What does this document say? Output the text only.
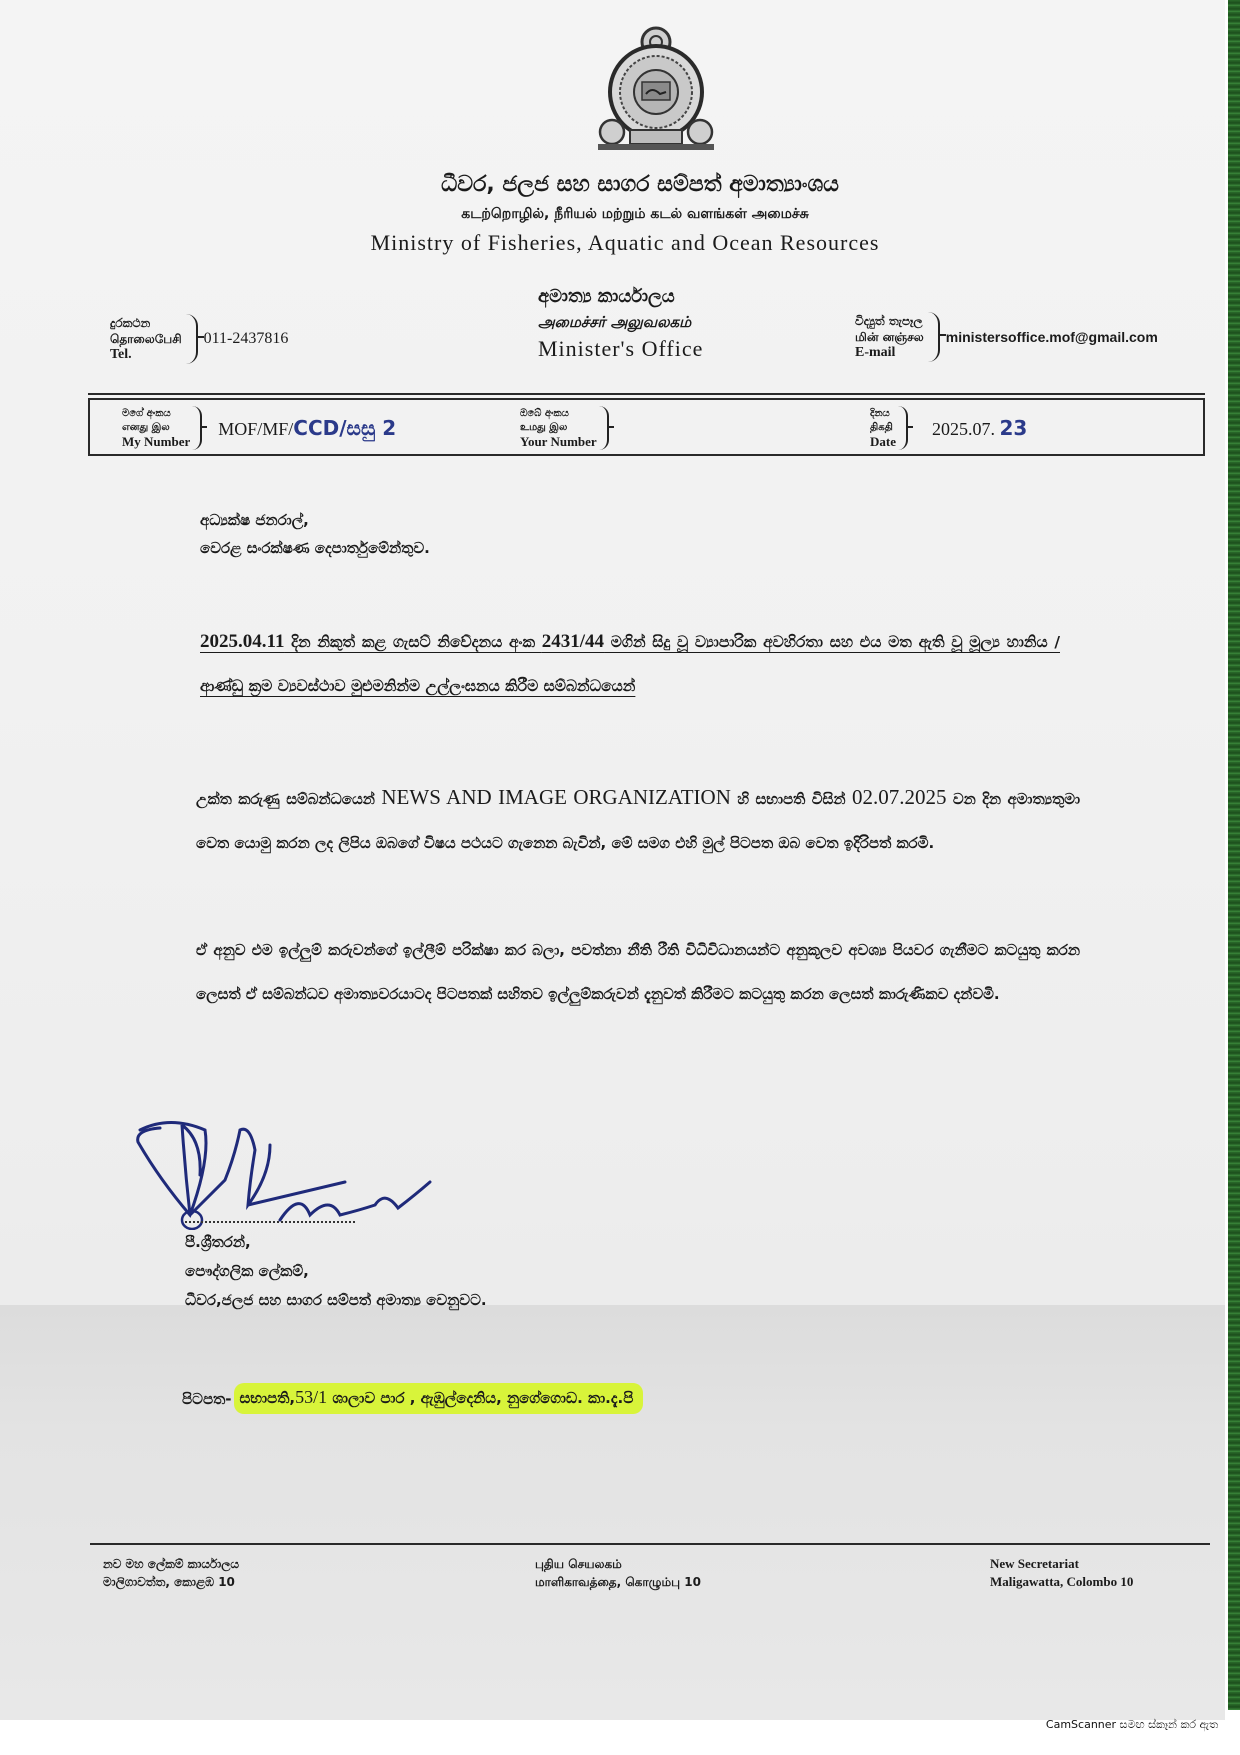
ධීවර, ජලජ සහ සාගර සම්පත් අමාත්‍යාංශය
கடற்றொழில், நீரியல் மற்றும் கடல் வளங்கள் அமைச்சு
Ministry of Fisheries, Aquatic and Ocean Resources
අමාත්‍ය කාර්යාලය
அமைச்சர் அலுவலகம்
Minister's Office
දුරකථන
தொலைபேசி
Tel.
011-2437816
විද්‍යුත් තැපෑල
மின் னஞ்சல
E-mail
ministersoffice.mof@gmail.com
මගේ අංකය
எனது இல
My Number
MOF/MF/CCD/සසු 2
ඔබේ අංකය
உமது இல
Your Number
දිනය
திகதி
Date
2025.07. 23
අධ්‍යක්ෂ ජනරාල්,
වෙරළ සංරක්ෂණ දෙපාර්තුමේන්තුව.
2025.04.11 දින නිකුත් කළ ගැසට් නිවේදනය අංක 2431/44 මගින් සිදු වූ ව්‍යාපාරික අවහිරතා සහ එය මත ඇති වූ මූල්‍ය හානිය / ආණ්ඩු ක්‍රම ව්‍යවස්ථාව මුළුමනින්ම උල්ලංඝනය කිරීම සම්බන්ධයෙන්
උක්ත කරුණු සම්බන්ධයෙන් NEWS AND IMAGE ORGANIZATION හි සභාපති විසින් 02.07.2025 වන දින අමාත්‍යතුමා වෙත යොමු කරන ලද ලිපිය ඔබගේ විෂය පථයට ගැනෙන බැවින්, මේ සමග එහි මුල් පිටපත ඔබ වෙත ඉදිරිපත් කරමි.
ඒ අනුව එම ඉල්ලුම් කරුවන්ගේ ඉල්ලීම් පරික්ෂා කර බලා, පවත්නා නීති රීති විධිවිධානයන්ට අනුකූලව අවශ්‍ය පියවර ගැනීමට කටයුතු කරන ලෙසත් ඒ සම්බන්ධව අමාත්‍යවරයාටද පිටපතක් සහිතව ඉල්ලුම්කරුවන් දැනුවත් කිරීමට කටයුතු කරන ලෙසත් කාරුණිකව දන්වමි.
පී.ශ්‍රීතරන්,
පෞද්ගලික ලේකම්,
ධීවර,ජලජ සහ සාගර සම්පත් අමාත්‍ය වෙනුවට.
පිටපත- සභාපති,53/1 ශාලාව පාර , ඇඹුල්දෙනිය, නුගේගොඩ. කා.දැ.පි
නව මහ ලේකම් කාර්යාලය
මාලිගාවත්ත, කොළඹ 10
புதிய செயலகம்
மாளிகாவத்தை, கொழும்பு 10
New Secretariat
Maligawatta, Colombo 10
CamScanner සමඟ ස්කෑන් කර ඇත
